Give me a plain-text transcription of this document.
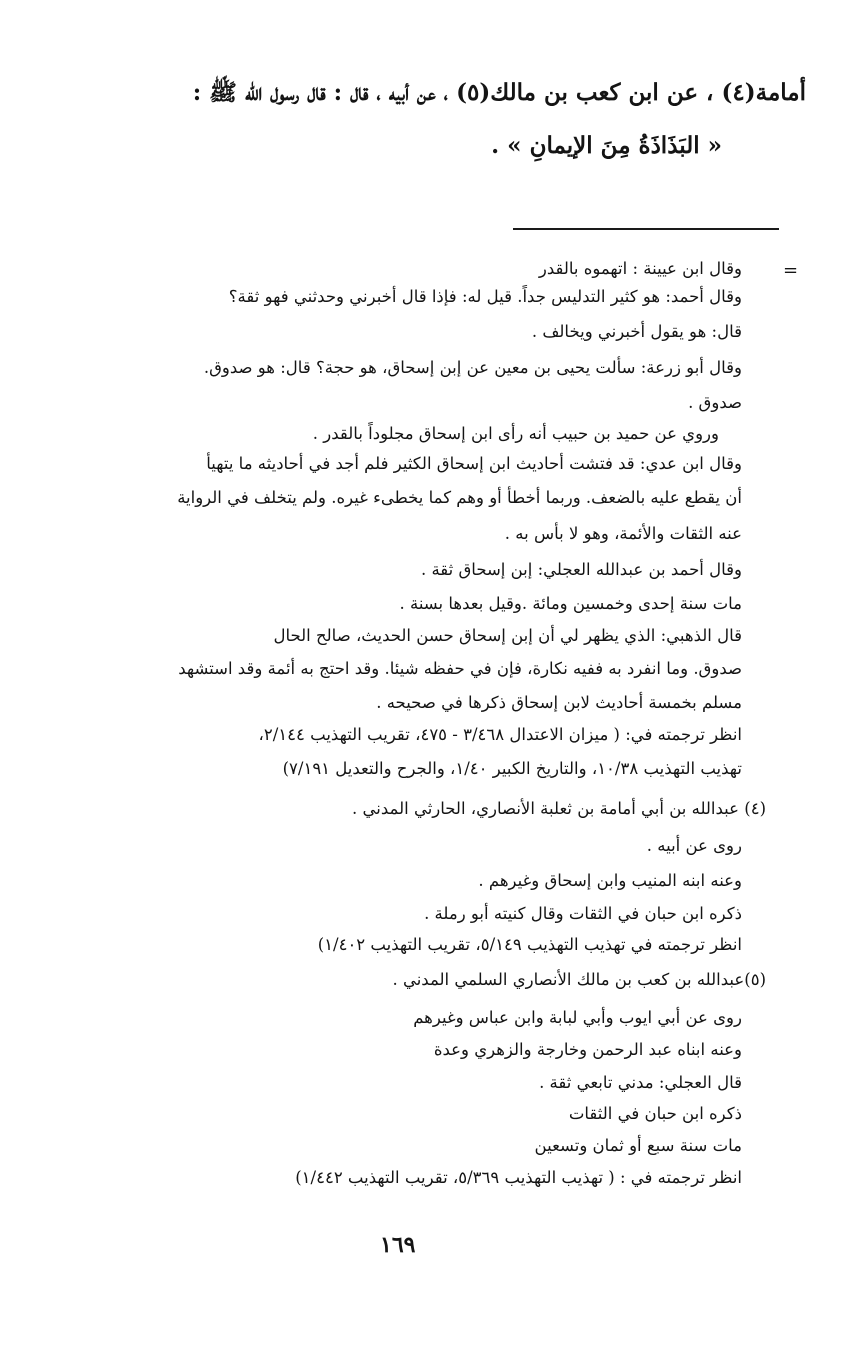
أمامة(٤) ، عن ابن كعب بن مالك(٥) ، عن أبيه ، قال : قال رسول الله ﷺ :
« البَذَاذَةُ مِنَ الإيمانِ » .
=
وقال ابن عيينة : اتهموه بالقدر
وقال أحمد: هو كثير التدليس جداً. قيل له: فإذا قال أخبرني وحدثني فهو ثقة؟
قال: هو يقول أخبرني ويخالف .
وقال أبو زرعة: سألت يحيى بن معين عن إبن إسحاق، هو حجة؟ قال: هو صدوق.
صدوق .
وروي عن حميد بن حبيب أنه رأى ابن إسحاق مجلوداً بالقدر .
وقال ابن عدي: قد فتشت أحاديث ابن إسحاق الكثير فلم أجد في أحاديثه ما يتهيأ
أن يقطع عليه بالضعف. وربما أخطأ أو وهم كما يخطىء غيره. ولم يتخلف في الرواية
عنه الثقات والأئمة، وهو لا بأس به .
وقال أحمد بن عبدالله العجلي: إبن إسحاق ثقة .
مات سنة إحدى وخمسين ومائة .وقيل بعدها بسنة .
قال الذهبي: الذي يظهر لي أن إبن إسحاق حسن الحديث، صالح الحال
صدوق. وما انفرد به ففيه نكارة، فإن في حفظه شيئا. وقد احتج به أئمة وقد استشهد
مسلم بخمسة أحاديث لابن إسحاق ذكرها في صحيحه .
انظر ترجمته في: ( ميزان الاعتدال ٣/٤٦٨ - ٤٧٥، تقريب التهذيب ٢/١٤٤،
تهذيب التهذيب ١٠/٣٨، والتاريخ الكبير ١/٤٠، والجرح والتعديل ٧/١٩١)
(٤) عبدالله بن أبي أمامة بن ثعلبة الأنصاري، الحارثي المدني .
روى عن أبيه .
وعنه ابنه المنيب وابن إسحاق وغيرهم .
ذكره ابن حبان في الثقات وقال كنيته أبو رملة .
انظر ترجمته في تهذيب التهذيب ٥/١٤٩، تقريب التهذيب ١/٤٠٢)
(٥)عبدالله بن كعب بن مالك الأنصاري السلمي المدني .
روى عن أبي ايوب وأبي لبابة وابن عباس وغيرهم
وعنه ابناه عبد الرحمن وخارجة والزهري وعدة
قال العجلي: مدني تابعي ثقة .
ذكره ابن حبان في الثقات
مات سنة سبع أو ثمان وتسعين
انظر ترجمته في : ( تهذيب التهذيب ٥/٣٦٩، تقريب التهذيب ١/٤٤٢)
١٦٩
